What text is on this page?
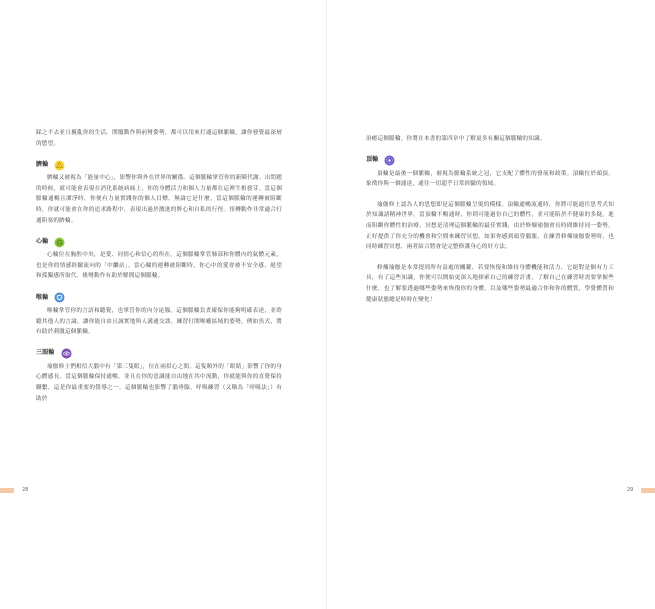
踩之不去並且擾亂你的生活。開髖動作與前彎姿勢，都可以用來打通這個脈輪，讓你發覺最深層的慾望。

臍輪

臍輪又被視為「能量中心」，影響你與外在世界的關係。這個脈輪掌管你的新陳代謝。出問題的時候，就可能會表現在消化系統病痛上，你的身體活力和個人力量都在這裡生根發芽。當這個脈輪通暢且潔淨時，你便有力量實踐你的個人目標。無論它是什麼，當這個脈輪的運轉被阻斷時，你就可能會在你的追求路程中，表現出過於激進的野心和自私的行徑。扭轉動作非常適合打通阻塞的臍輪。

心輪

心輪位在胸腔中央，是愛、同情心和信心的所在。這個脈輪掌管肺部和你體內的氣體元素，也是你的情感經驗流向的「中繼站」。當心輪的運轉被阻斷時，你心中的愛會被不安全感、絕望和孤獨感所取代。後彎動作有助於解開這個脈輪。

喉輪

喉輪掌管你的言語和聽覺，也掌管你的內分泌腺。這個脈輪負責確保你能夠明確表達，並聆聽其他人的言論，讓你能自由且誠實地與人溝通交談。練習打開喉嚨區域的姿勢，例如魚式，將有助於刺激這個脈輪。

三眼輪

瑜伽修士們相信大腦中有「第三隻眼」，位在兩眉心之間。這隻額外的「眼睛」影響了你的身心體感長。當這個脈輪保持通暢，並且在你的意識能自由地在其中流動，你就能與你的直覺保持聯繫，這是你最重要的覺導之一。這個脈輪也影響了腦垂腺。呼吸練習（又稱為「呼吸法」）有助於

28	29

治癒這個脈輪。你將在本書的第四章中了解更多有關這個脈輪的知識。

頂輪

頂輪是最後一個脈輪，被視為脈輪系統之冠，它支配了體性的發展和政策。頂輪位於頭頂，象徵你與一個通達，通往一切超乎日常經驗的領域。

瑜伽修士認為人的思想即是這個脈輪呈現的模樣。頂輪通暢流通時，你將可能通往思考式知於知識諸精神世界，當頂輪不暢通時，你則可能過份自己的體性，並可能陷於不健康的多疑，進而阻斷你體性的治療。冥想是清理這個脈輪的最佳實踐，由於修煉瑜伽會長時間維持同一姿勢，正好提供了你充分的機會和空間來練習冥想。如果你感到頭昏腦脹，在練習修煉瑜伽姿勢時，也同時練習冥想，兩者結合將會是完整修護身心的好方法。

修煉瑜伽是本常提到所有益處的關鍵，若要恢復和維持身體機能和活力，它絕對是個有力工具，有了這些知識，你便可以開始更深入地探索自己的練習計畫，了解自己在練習時需要掌握些什麼，也了解要透過哪些姿勢來恢復你的身體，以及哪些姿勢最適合你和你的體質，學覺體質和健康狀態總是時時在變化！
